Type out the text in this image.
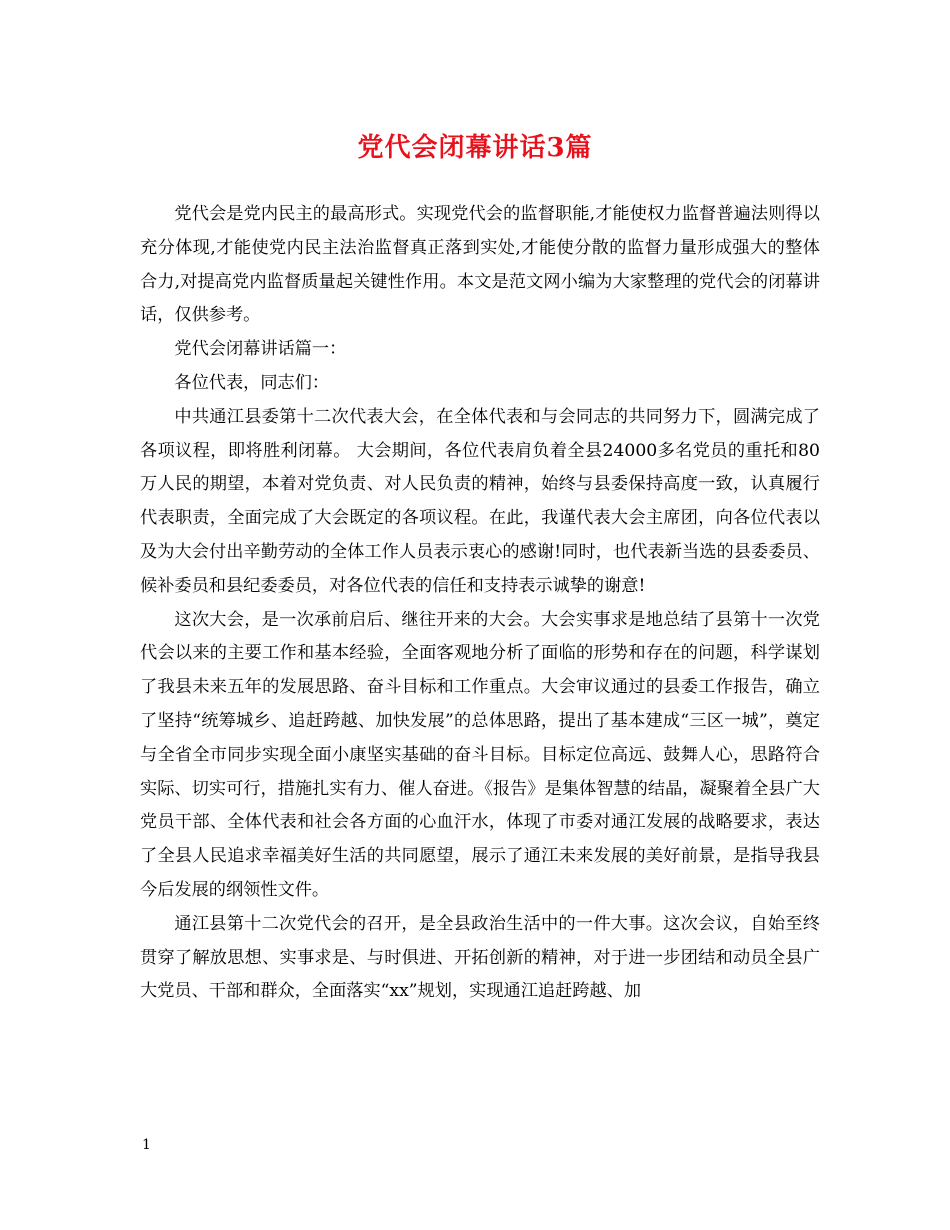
党代会闭幕讲话3篇

党代会是党内民主的最高形式。实现党代会的监督职能,才能使权力监督普遍法则得以充分体现,才能使党内民主法治监督真正落到实处,才能使分散的监督力量形成强大的整体合力,对提高党内监督质量起关键性作用。本文是范文网小编为大家整理的党代会的闭幕讲话，仅供参考。

党代会闭幕讲话篇一：

各位代表，同志们：

中共通江县委第十二次代表大会，在全体代表和与会同志的共同努力下，圆满完成了各项议程，即将胜利闭幕。 大会期间，各位代表肩负着全县24000多名党员的重托和80万人民的期望，本着对党负责、对人民负责的精神，始终与县委保持高度一致，认真履行代表职责，全面完成了大会既定的各项议程。在此，我谨代表大会主席团，向各位代表以及为大会付出辛勤劳动的全体工作人员表示衷心的感谢!同时，也代表新当选的县委委员、候补委员和县纪委委员，对各位代表的信任和支持表示诚挚的谢意!

这次大会，是一次承前启后、继往开来的大会。大会实事求是地总结了县第十一次党代会以来的主要工作和基本经验，全面客观地分析了面临的形势和存在的问题，科学谋划了我县未来五年的发展思路、奋斗目标和工作重点。大会审议通过的县委工作报告，确立了坚持“统筹城乡、追赶跨越、加快发展”的总体思路，提出了基本建成“三区一城”，奠定与全省全市同步实现全面小康坚实基础的奋斗目标。目标定位高远、鼓舞人心，思路符合实际、切实可行，措施扎实有力、催人奋进。《报告》是集体智慧的结晶，凝聚着全县广大党员干部、全体代表和社会各方面的心血汗水，体现了市委对通江发展的战略要求，表达了全县人民追求幸福美好生活的共同愿望，展示了通江未来发展的美好前景，是指导我县今后发展的纲领性文件。

通江县第十二次党代会的召开，是全县政治生活中的一件大事。这次会议，自始至终贯穿了解放思想、实事求是、与时俱进、开拓创新的精神，对于进一步团结和动员全县广大党员、干部和群众，全面落实“xx”规划，实现通江追赶跨越、加

1
